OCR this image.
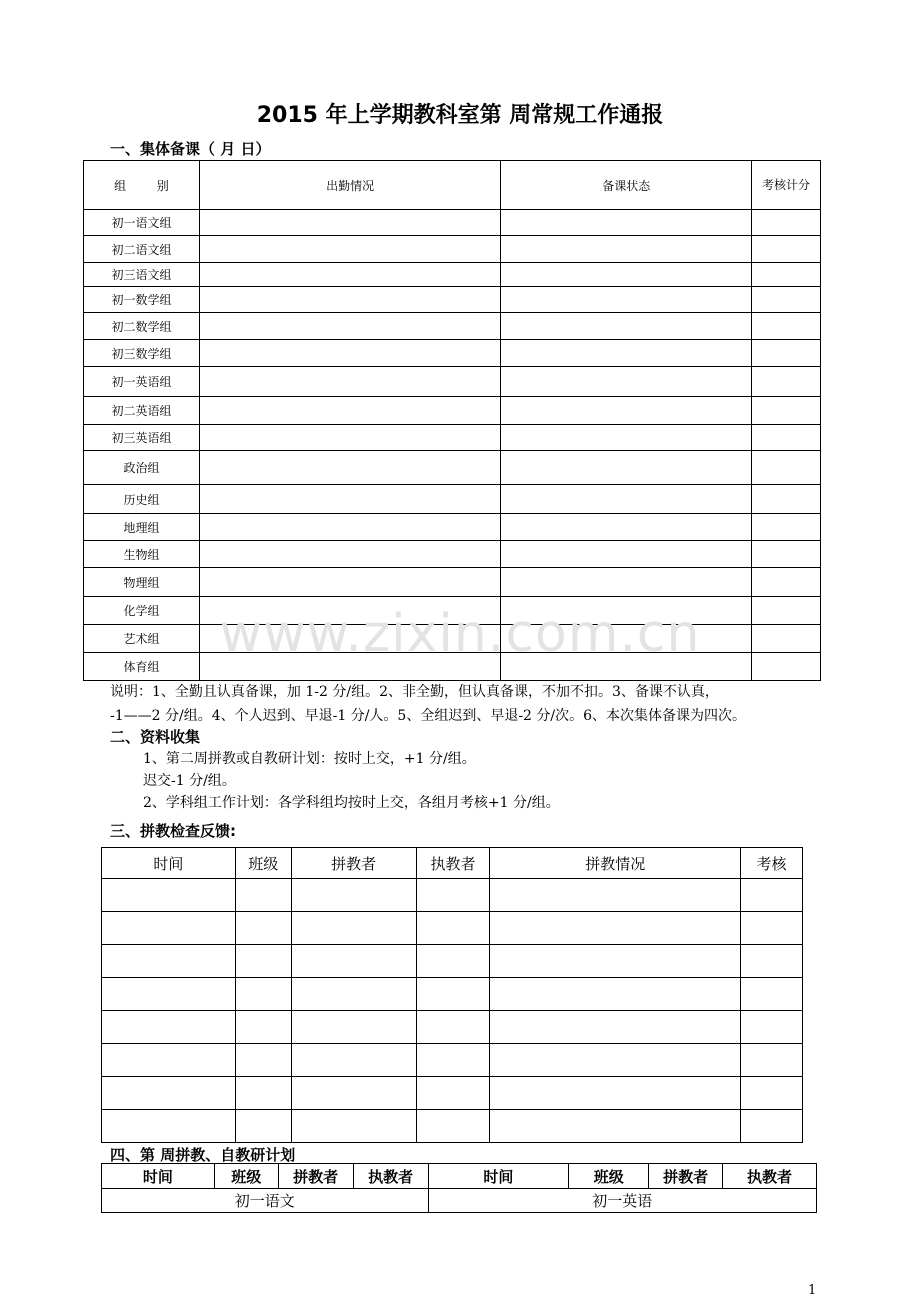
2015 年上学期教科室第 周常规工作通报
一、集体备课（ 月 日）
组        别	出勤情况	备课状态	考核计分
初一语文组			
初二语文组			
初三语文组			
初一数学组			
初二数学组			
初三数学组			
初一英语组			
初二英语组			
初三英语组			
政治组			
历史组			
地理组			
生物组			
物理组			
化学组			
艺术组			
体育组			
说明：1、全勤且认真备课，加 1-2 分/组。2、非全勤，但认真备课，不加不扣。3、备课不认真，
-1——2 分/组。4、个人迟到、早退-1 分/人。5、全组迟到、早退-2 分/次。6、本次集体备课为四次。
二、资料收集
1、第二周拼教或自教研计划：按时上交，+1 分/组。
迟交-1 分/组。
2、学科组工作计划：各学科组均按时上交，各组月考核+1 分/组。
三、拼教检查反馈:
时间	班级	拼教者	执教者	拼教情况	考核

四、第 周拼教、自教研计划
时间	班级	拼教者	执教者	时间	班级	拼教者	执教者
初一语文				初一英语			
www.zixin.com.cn
1
